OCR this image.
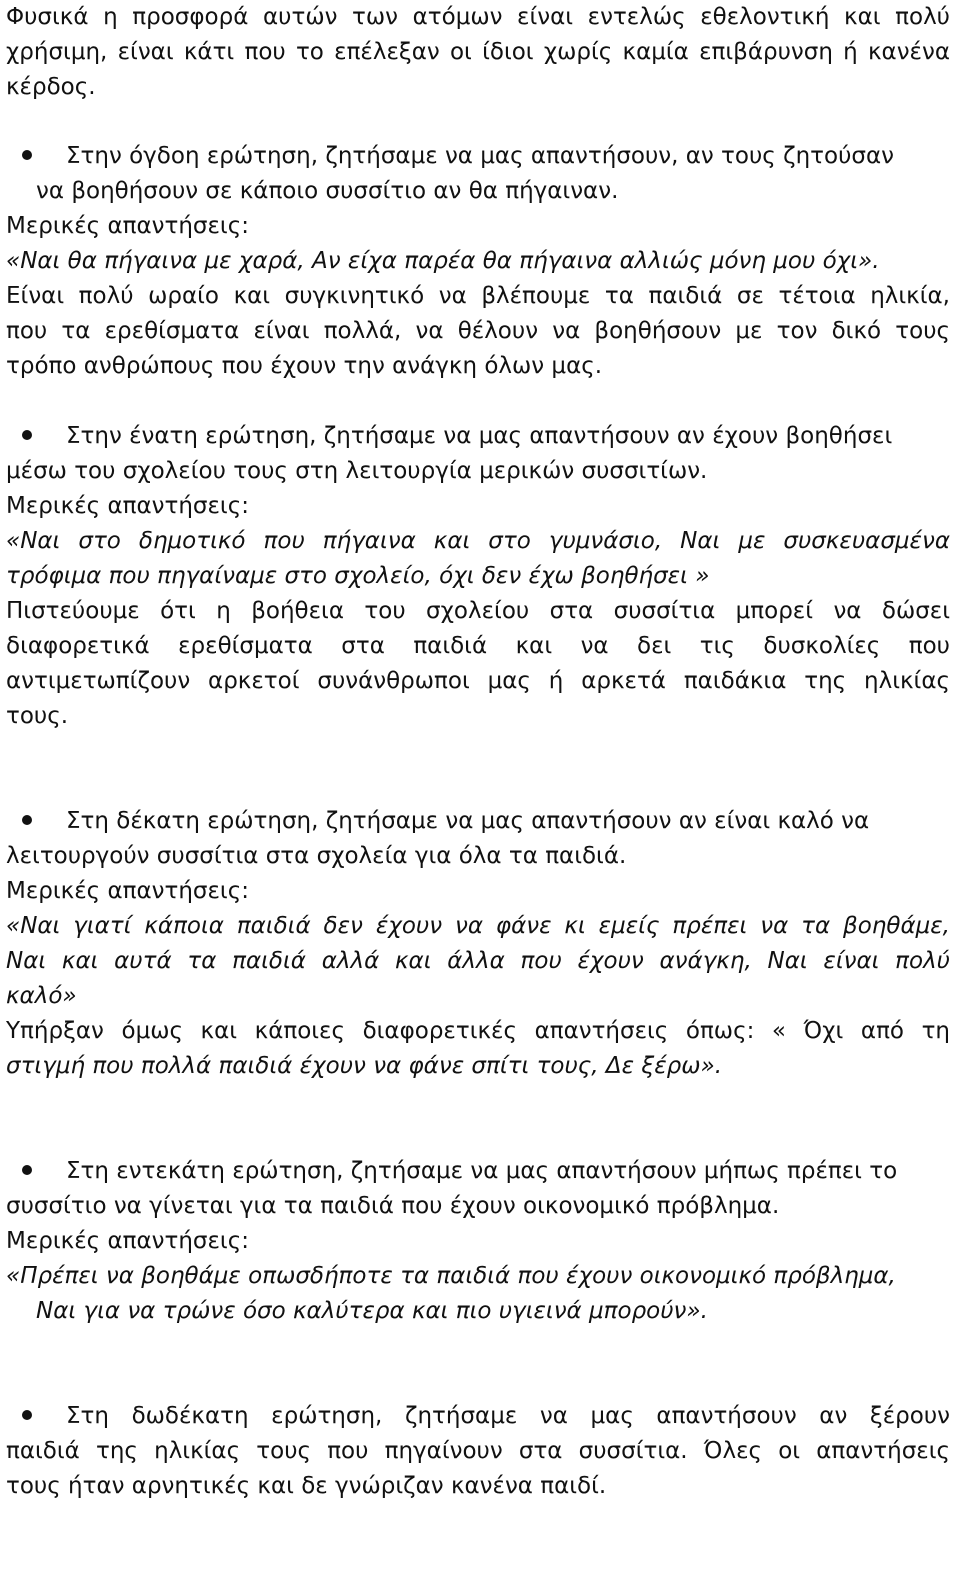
Φυσικά η προσφορά αυτών των ατόμων είναι εντελώς εθελοντική και πολύ
χρήσιμη, είναι κάτι που το επέλεξαν οι ίδιοι χωρίς καμία επιβάρυνση ή κανένα
κέρδος.
Στην όγδοη ερώτηση, ζητήσαμε να μας απαντήσουν, αν τους ζητούσαν
να βοηθήσουν σε κάποιο συσσίτιο αν θα πήγαιναν.
Μερικές απαντήσεις:
«Ναι θα πήγαινα με χαρά, Αν είχα παρέα θα πήγαινα αλλιώς μόνη μου όχι».
Είναι πολύ ωραίο και συγκινητικό να βλέπουμε τα παιδιά σε τέτοια ηλικία,
που τα ερεθίσματα είναι πολλά, να θέλουν να βοηθήσουν με τον δικό τους
τρόπο ανθρώπους που έχουν την ανάγκη όλων μας.
Στην ένατη ερώτηση, ζητήσαμε να μας απαντήσουν αν έχουν βοηθήσει
μέσω του σχολείου τους στη λειτουργία μερικών συσσιτίων.
Μερικές απαντήσεις:
«Ναι στο δημοτικό που πήγαινα και στο γυμνάσιο, Ναι με συσκευασμένα
τρόφιμα που πηγαίναμε στο σχολείο, όχι δεν έχω βοηθήσει »
Πιστεύουμε ότι η βοήθεια του σχολείου στα συσσίτια μπορεί να δώσει
διαφορετικά ερεθίσματα στα παιδιά και να δει τις δυσκολίες που
αντιμετωπίζουν αρκετοί συνάνθρωποι μας ή αρκετά παιδάκια της ηλικίας
τους.
Στη δέκατη ερώτηση, ζητήσαμε να μας απαντήσουν αν είναι καλό να
λειτουργούν συσσίτια στα σχολεία για όλα τα παιδιά.
Μερικές απαντήσεις:
«Ναι γιατί κάποια παιδιά δεν έχουν να φάνε κι εμείς πρέπει να τα βοηθάμε,
Ναι και αυτά τα παιδιά αλλά και άλλα που έχουν ανάγκη, Ναι είναι πολύ
καλό»
Υπήρξαν όμως και κάποιες διαφορετικές απαντήσεις όπως: « Όχι από τη
στιγμή που πολλά παιδιά έχουν να φάνε σπίτι τους, Δε ξέρω».
Στη εντεκάτη ερώτηση, ζητήσαμε να μας απαντήσουν μήπως πρέπει το
συσσίτιο να γίνεται για τα παιδιά που έχουν οικονομικό πρόβλημα.
Μερικές απαντήσεις:
«Πρέπει να βοηθάμε οπωσδήποτε τα παιδιά που έχουν οικονομικό πρόβλημα,
Ναι για να τρώνε όσο καλύτερα και πιο υγιεινά μπορούν».
Στη δωδέκατη ερώτηση, ζητήσαμε να μας απαντήσουν αν ξέρουν
παιδιά της ηλικίας τους που πηγαίνουν στα συσσίτια. Όλες οι απαντήσεις
τους ήταν αρνητικές και δε γνώριζαν κανένα παιδί.
